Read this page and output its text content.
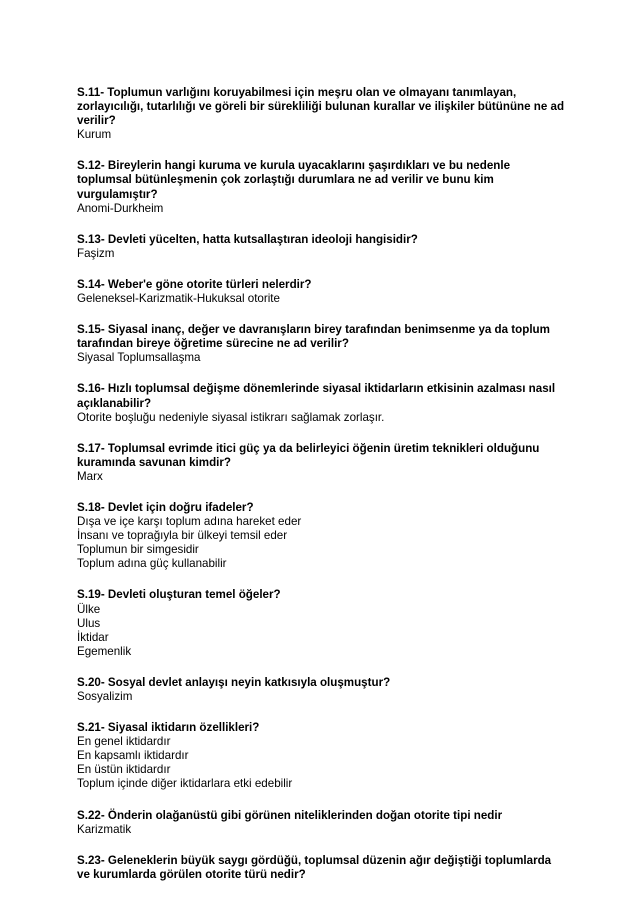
S.11- Toplumun varlığını koruyabilmesi için meşru olan ve olmayanı tanımlayan, zorlayıcılığı, tutarlılığı ve göreli bir sürekliliği bulunan kurallar ve ilişkiler bütününe ne ad verilir?

Kurum

S.12- Bireylerin hangi kuruma ve kurula uyacaklarını şaşırdıkları ve bu nedenle toplumsal bütünleşmenin çok zorlaştığı durumlara ne ad verilir ve bunu kim vurgulamıştır?

Anomi-Durkheim

S.13- Devleti yücelten, hatta kutsallaştıran ideoloji hangisidir?

Faşizm

S.14- Weber'e göne otorite türleri nelerdir?

Geleneksel-Karizmatik-Hukuksal otorite

S.15- Siyasal inanç, değer ve davranışların birey tarafından benimsenme ya da toplum tarafından bireye öğretime sürecine ne ad verilir?

Siyasal Toplumsallaşma

S.16- Hızlı toplumsal değişme dönemlerinde siyasal iktidarların etkisinin azalması nasıl açıklanabilir?

Otorite boşluğu nedeniyle siyasal istikrarı sağlamak zorlaşır.

S.17- Toplumsal evrimde itici güç ya da belirleyici öğenin üretim teknikleri olduğunu kuramında savunan kimdir?

Marx

S.18- Devlet için doğru ifadeler?

Dışa ve içe karşı toplum adına hareket eder

İnsanı ve toprağıyla bir ülkeyi temsil eder

Toplumun bir simgesidir

Toplum adına güç kullanabilir

S.19- Devleti oluşturan temel öğeler?

Ülke

Ulus

İktidar

Egemenlik

S.20- Sosyal devlet anlayışı neyin katkısıyla oluşmuştur?

Sosyalizim

S.21- Siyasal iktidarın özellikleri?

En genel iktidardır

En kapsamlı iktidardır

En üstün iktidardır

Toplum içinde diğer iktidarlara etki edebilir

S.22- Önderin olağanüstü gibi görünen niteliklerinden doğan otorite tipi nedir

Karizmatik

S.23- Geleneklerin büyük saygı gördüğü, toplumsal düzenin ağır değiştiği toplumlarda ve kurumlarda görülen otorite türü nedir?
